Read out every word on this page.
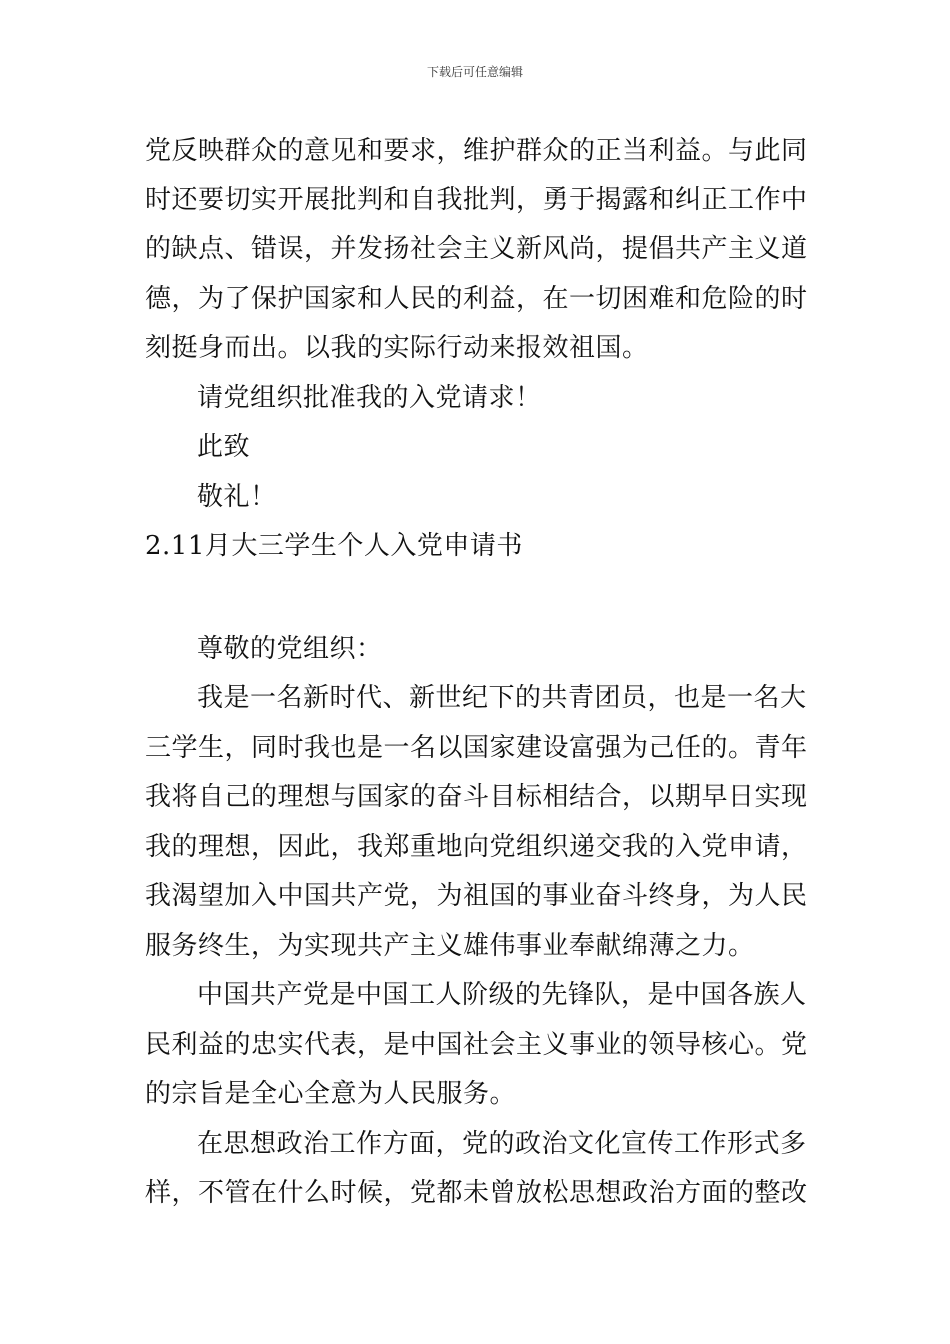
下载后可任意编辑
党反映群众的意见和要求，维护群众的正当利益。与此同
时还要切实开展批判和自我批判，勇于揭露和纠正工作中
的缺点、错误，并发扬社会主义新风尚，提倡共产主义道
德，为了保护国家和人民的利益，在一切困难和危险的时
刻挺身而出。以我的实际行动来报效祖国。
请党组织批准我的入党请求！
此致
敬礼！
2.11月大三学生个人入党申请书
尊敬的党组织：
我是一名新时代、新世纪下的共青团员，也是一名大
三学生，同时我也是一名以国家建设富强为己任的。青年
我将自己的理想与国家的奋斗目标相结合，以期早日实现
我的理想，因此，我郑重地向党组织递交我的入党申请，
我渴望加入中国共产党，为祖国的事业奋斗终身，为人民
服务终生，为实现共产主义雄伟事业奉献绵薄之力。
中国共产党是中国工人阶级的先锋队，是中国各族人
民利益的忠实代表，是中国社会主义事业的领导核心。党
的宗旨是全心全意为人民服务。
在思想政治工作方面，党的政治文化宣传工作形式多
样，不管在什么时候，党都未曾放松思想政治方面的整改
